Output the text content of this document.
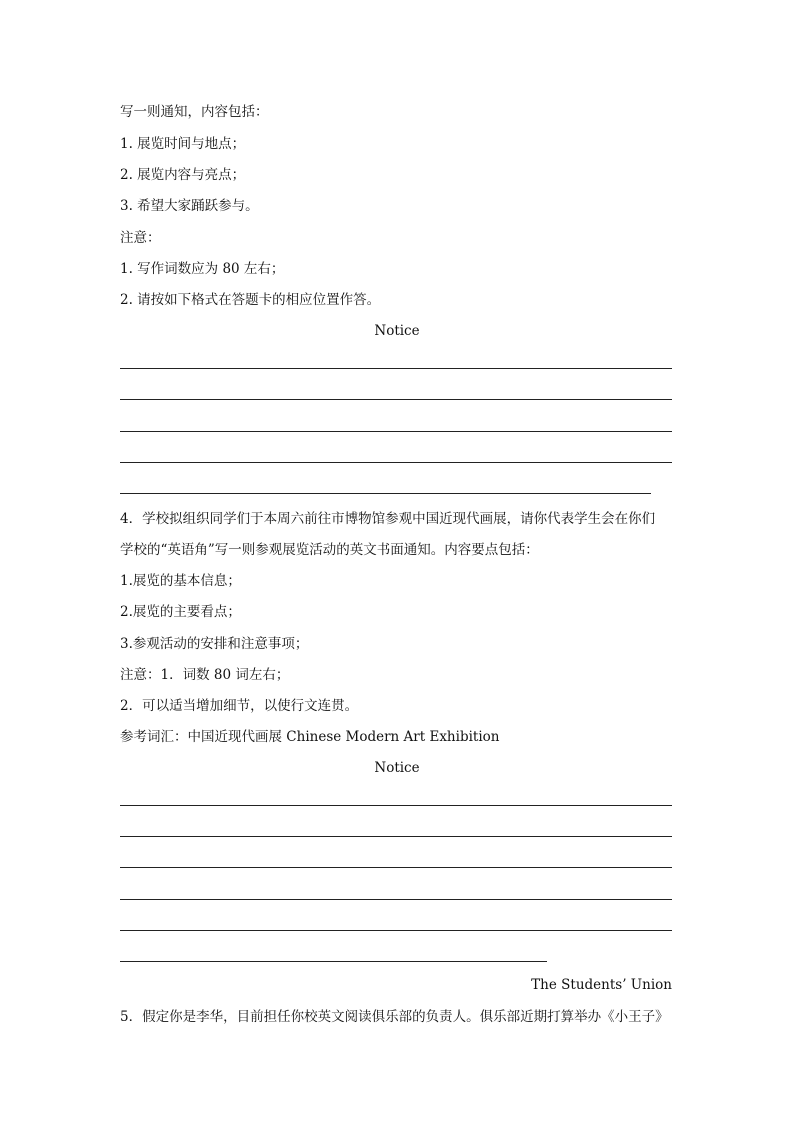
写一则通知，内容包括：
1. 展览时间与地点；
2. 展览内容与亮点；
3. 希望大家踊跃参与。
注意：
1. 写作词数应为 80 左右；
2. 请按如下格式在答题卡的相应位置作答。
Notice
4．学校拟组织同学们于本周六前往市博物馆参观中国近现代画展，请你代表学生会在你们
学校的“英语角”写一则参观展览活动的英文书面通知。内容要点包括：
1.展览的基本信息；
2.展览的主要看点；
3.参观活动的安排和注意事项；
注意：1．词数 80 词左右；
2．可以适当增加细节，以使行文连贯。
参考词汇：中国近现代画展 Chinese Modern Art Exhibition
Notice
The Students’ Union
5．假定你是李华，目前担任你校英文阅读俱乐部的负责人。俱乐部近期打算举办《小王子》
